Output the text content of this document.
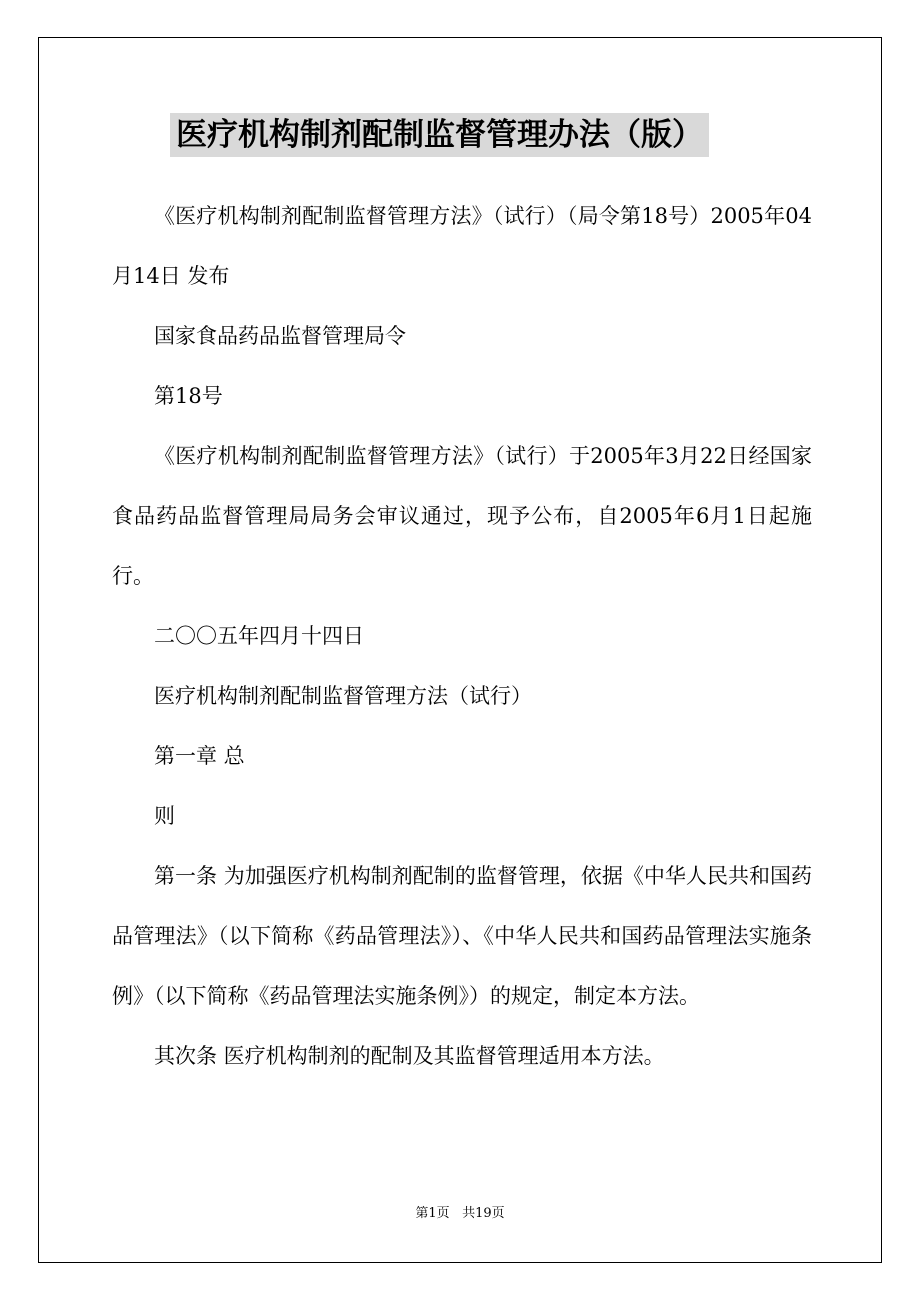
医疗机构制剂配制监督管理办法（版）

《医疗机构制剂配制监督管理方法》（试行）（局令第18号）2005年04月14日 发布

国家食品药品监督管理局令

第18号

《医疗机构制剂配制监督管理方法》（试行）于2005年3月22日经国家食品药品监督管理局局务会审议通过，现予公布，自2005年6月1日起施行。

二〇〇五年四月十四日

医疗机构制剂配制监督管理方法（试行）

第一章 总

则

第一条 为加强医疗机构制剂配制的监督管理，依据《中华人民共和国药品管理法》（以下简称《药品管理法》）、《中华人民共和国药品管理法实施条例》（以下简称《药品管理法实施条例》）的规定，制定本方法。

其次条 医疗机构制剂的配制及其监督管理适用本方法。

第1页 共19页
